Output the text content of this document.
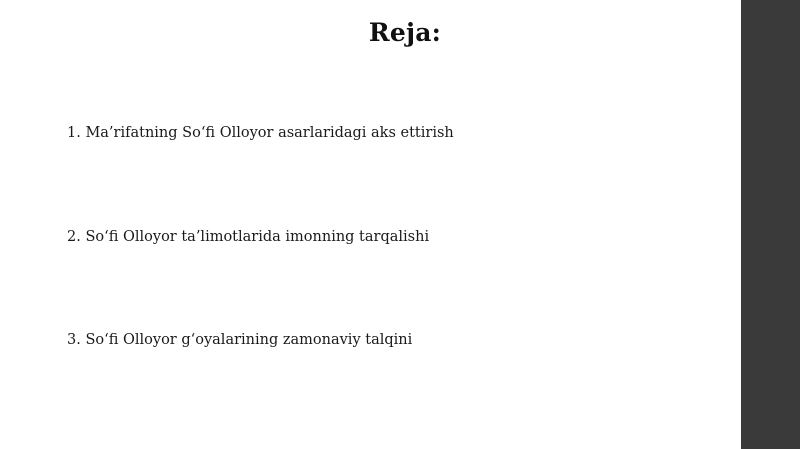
Reja:
1. Ma’rifatning So‘fi Olloyor asarlaridagi aks ettirish
2. So‘fi Olloyor ta’limotlarida imonning tarqalishi
3. So‘fi Olloyor g‘oyalarining zamonaviy talqini
